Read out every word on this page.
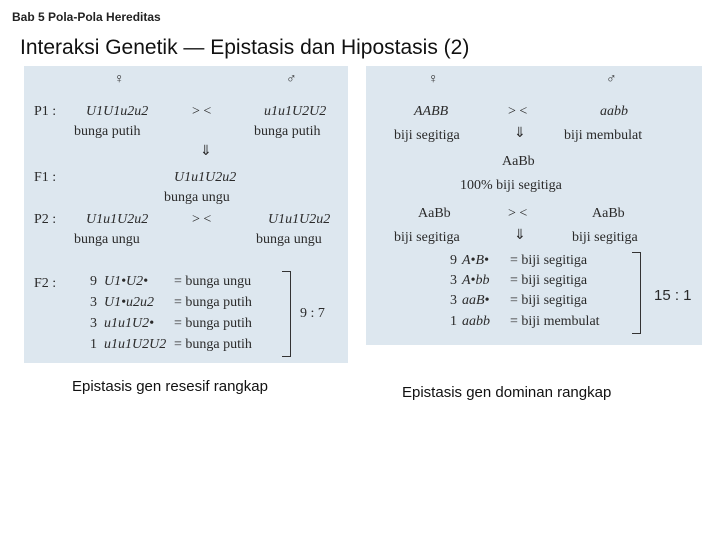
Bab 5 Pola-Pola Hereditas
Interaksi Genetik — Epistasis dan Hipostasis (2)
♀	♂
P1 : U1U1u2u2	> <	u1u1U2U2
bunga putih	bunga putih
⇓
F1 :	U1u1U2u2
bunga ungu
P2 : U1u1U2u2	> <	U1u1U2u2
bunga ungu	bunga ungu
F2 : 9 U1•U2• = bunga ungu
3 U1•u2u2 = bunga putih
3 u1u1U2• = bunga putih
1 u1u1U2U2 = bunga putih
9 : 7
♀	♂
AABB	> <	aabb
biji segitiga	⇓	biji membulat
AaBb
100% biji segitiga
AaBb	> <	AaBb
biji segitiga	⇓	biji segitiga
9 A•B• = biji segitiga
3 A•bb = biji segitiga
3 aaB• = biji segitiga
1 aabb = biji membulat
15 : 1
Epistasis gen resesif rangkap	Epistasis gen dominan rangkap
